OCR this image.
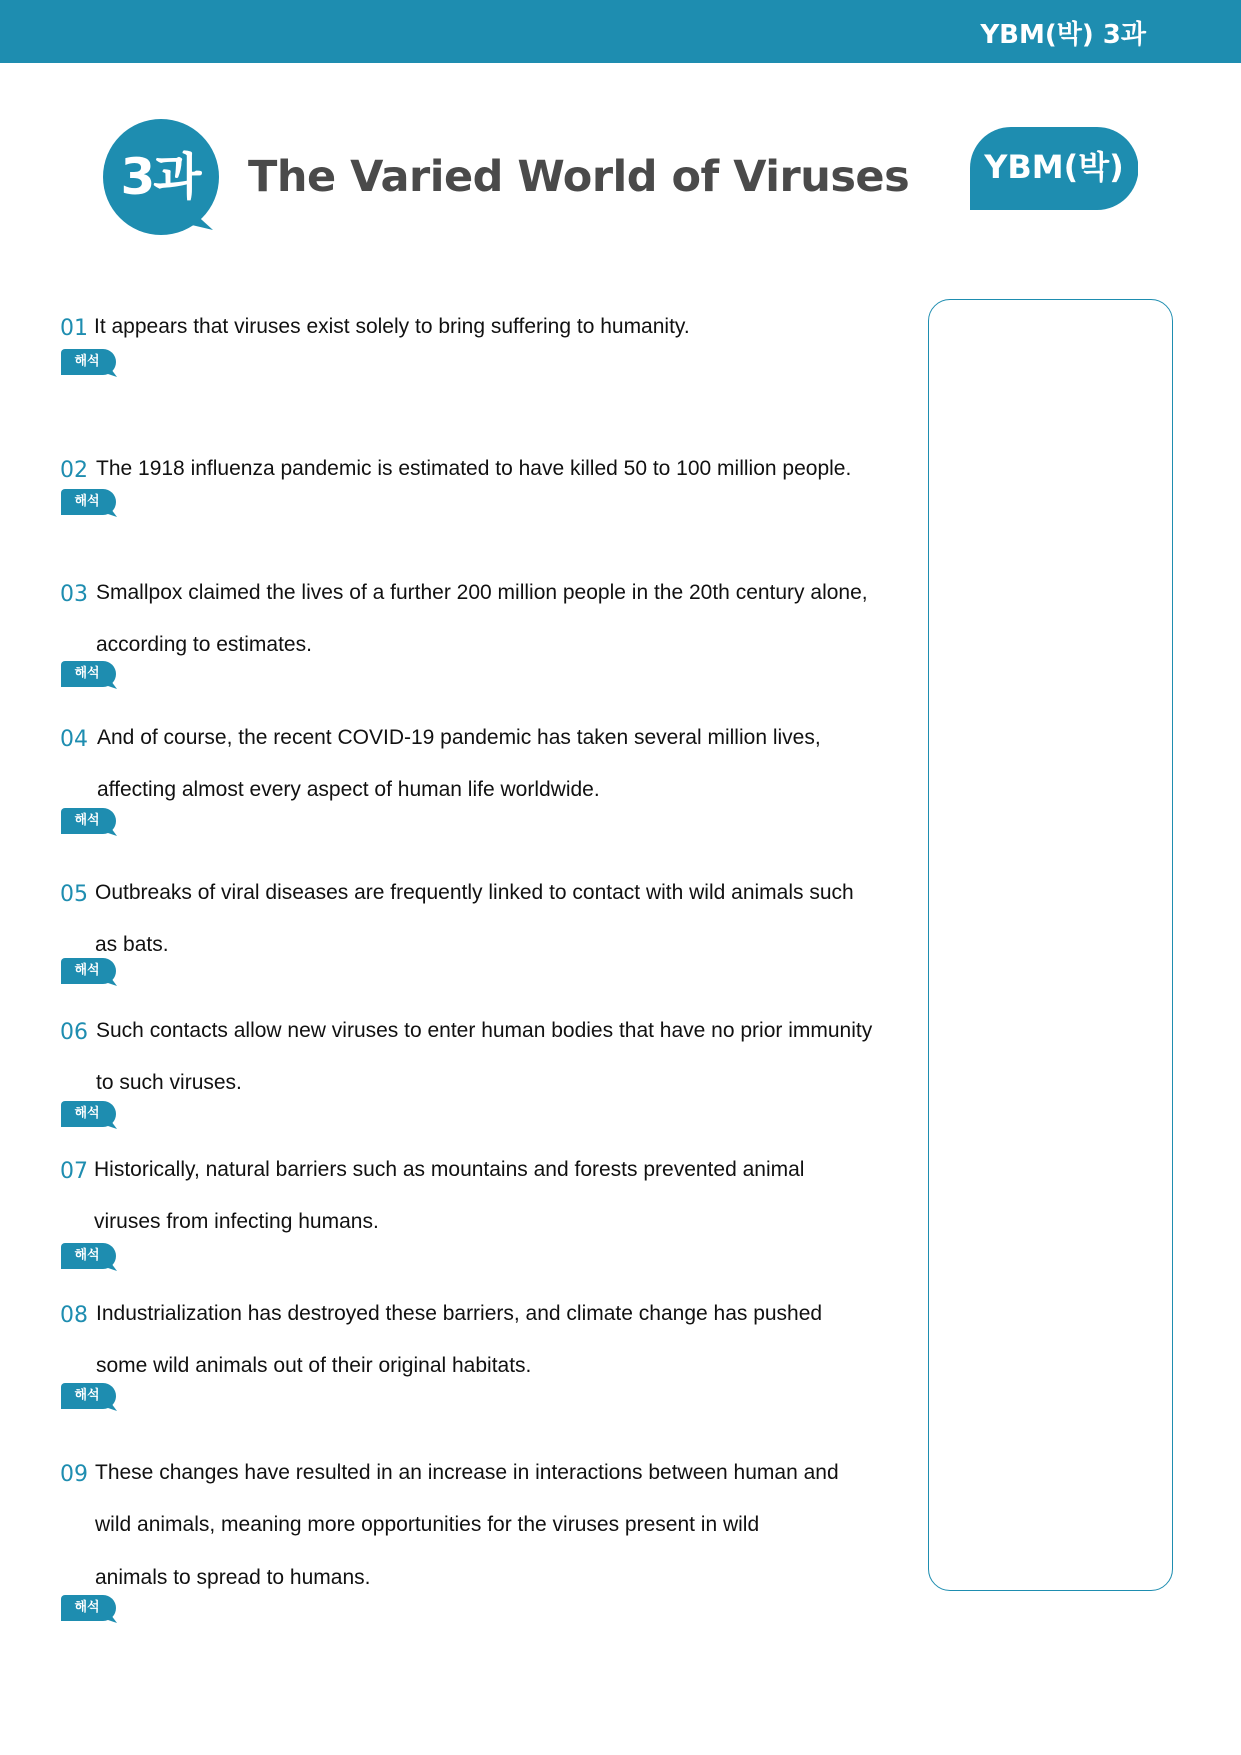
YBM(박) 3과
3과	The Varied World of Viruses	YBM(박)
01 It appears that viruses exist solely to bring suffering to humanity.
해석
02 The 1918 influenza pandemic is estimated to have killed 50 to 100 million people.
해석
03 Smallpox claimed the lives of a further 200 million people in the 20th century alone,
according to estimates.
해석
04 And of course, the recent COVID-19 pandemic has taken several million lives,
affecting almost every aspect of human life worldwide.
해석
05 Outbreaks of viral diseases are frequently linked to contact with wild animals such
as bats.
해석
06 Such contacts allow new viruses to enter human bodies that have no prior immunity
to such viruses.
해석
07 Historically, natural barriers such as mountains and forests prevented animal
viruses from infecting humans.
해석
08 Industrialization has destroyed these barriers, and climate change has pushed
some wild animals out of their original habitats.
해석
09 These changes have resulted in an increase in interactions between human and
wild animals, meaning more opportunities for the viruses present in wild
animals to spread to humans.
해석
